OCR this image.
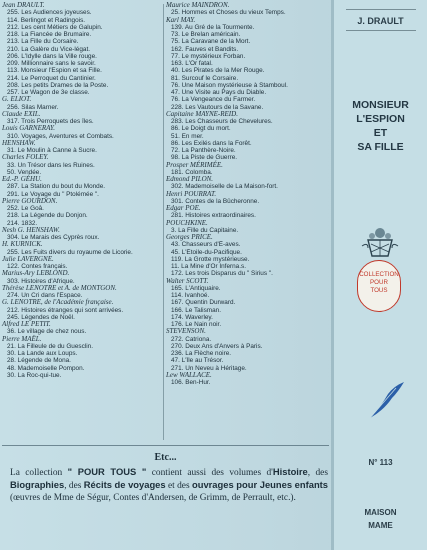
Jean DRAULT.
255. Les Audiences joyeuses.
114. Berlingot et Radingois.
212. Les cent Métiers de Galupin.
218. La Fiancée de Brumaire.
213. La Fille du Corsaire.
210. La Galère du Vice-légat.
206. L'Idylle dans la Ville rouge.
209. Millionnaire sans le savoir.
113. Monsieur l'Espion et sa Fille.
214. Le Perroquet du Cantinier.
208. Les petits Drames de la Poste.
257. Le Wagon de 3e classe.
G. ELIOT.
256. Silas Marner.
Claude EXIL.
317. Trois Perroquets des îles.
Louis GARNERAY.
310. Voyages, Aventures et Combats.
HENSHAW.
31. Le Moulin à Canne à Sucre.
Charles FOLEY.
33. Un Trésor dans les Ruines.
50. Vendée.
Ed.-P. GÉHU.
287. La Station du bout du Monde.
291. Le Voyage du " Ptolémée ".
Pierre GOURDON.
252. Le Goâ.
218. La Légende du Donjon.
214. 1832.
Nesh G. HENSHAW.
304. Le Marais des Cyprès roux.
H. KURNICK.
255. Les Fuits divers du royaume de Licorie.
Julie LAVERGNE.
122. Contes français.
Marius-Ary LEBLOND.
303. Histoires d'Afrique.
Thérèse LENOTRE et A. de MONTGON.
274. Un Cri dans l'Espace.
G. LENOTRE, de l'Académie française.
212. Histoires étranges qui sont arrivées.
245. Légendes de Noël.
Alfred LE PETIT.
36. Le village de chez nous.
Pierre MAËL.
21. La Filleule de du Guesclin.
30. La Lande aux Loups.
28. Légende de Mona.
48. Mademoiselle Pompon.
30. La Roc-qui-tue.
Maurice MAINDRON.
25. Hommes et Choses du vieux Temps.
Karl MAY.
139. Au Gré de la Tourmente.
73. Le Brelan américain.
75. La Caravane de la Mort.
162. Fauves et Bandits.
77. Le mystérieux Forban.
163. L'Or fatal.
40. Les Pirates de la Mer Rouge.
81. Surcouf le Corsaire.
76. Une Maison mystérieuse à Stamboul.
47. Une Visite au Pays du Diable.
76. La Vengeance du Farmer.
228. Les Vautours de la Savane.
Capitaine MAYNE-REID.
283. Les Chasseurs de Chevelures.
86. Le Doigt du mort.
51. En mer.
86. Les Exilés dans la Forêt.
72. La Panthère-Noire.
98. La Piste de Guerre.
Prosper MÉRIMÉE.
181. Colomba.
Edmond PILON.
302. Mademoiselle de La Maison-fort.
Henri POURRAT.
301. Contes de la Bûcheronne.
Edgar POE.
281. Histoires extraordinaires.
POUCHKINE.
3. La Fille du Capitaine.
Georges PRICE.
43. Chasseurs d'Ê-aves.
45. L'Étoile-du-Pacifique.
119. La Grotte mystérieuse.
11. La Mine d'Or Inferna.s.
172. Les trois Disparus du " Sirius ".
Walter SCOTT.
165. L'Antiquaire.
114. Ivanhoé.
167. Quentin Durward.
166. Le Talisman.
174. Waverley.
176. Le Nain noir.
STEVENSON.
272. Catriona.
270. Deux Ans d'Anvers à Paris.
236. La Flèche noire.
47. L'Île au Trésor.
271. Un Neveu à Héritage.
Lew WALLACE.
106. Ben-Hur.
Etc...
La collection " POUR TOUS " contient aussi des volumes d'Histoire, des Biographies, des Récits de voyages et des ouvrages pour Jeunes enfants (œuvres de Mme de Ségur, Contes d'Andersen, de Grimm, de Perrault, etc.).
J. DRAULT
MONSIEUR
L'ESPION
ET
SA FILLE
COLLECTION
POUR
TOUS
N° 113
MAISON
MAME
